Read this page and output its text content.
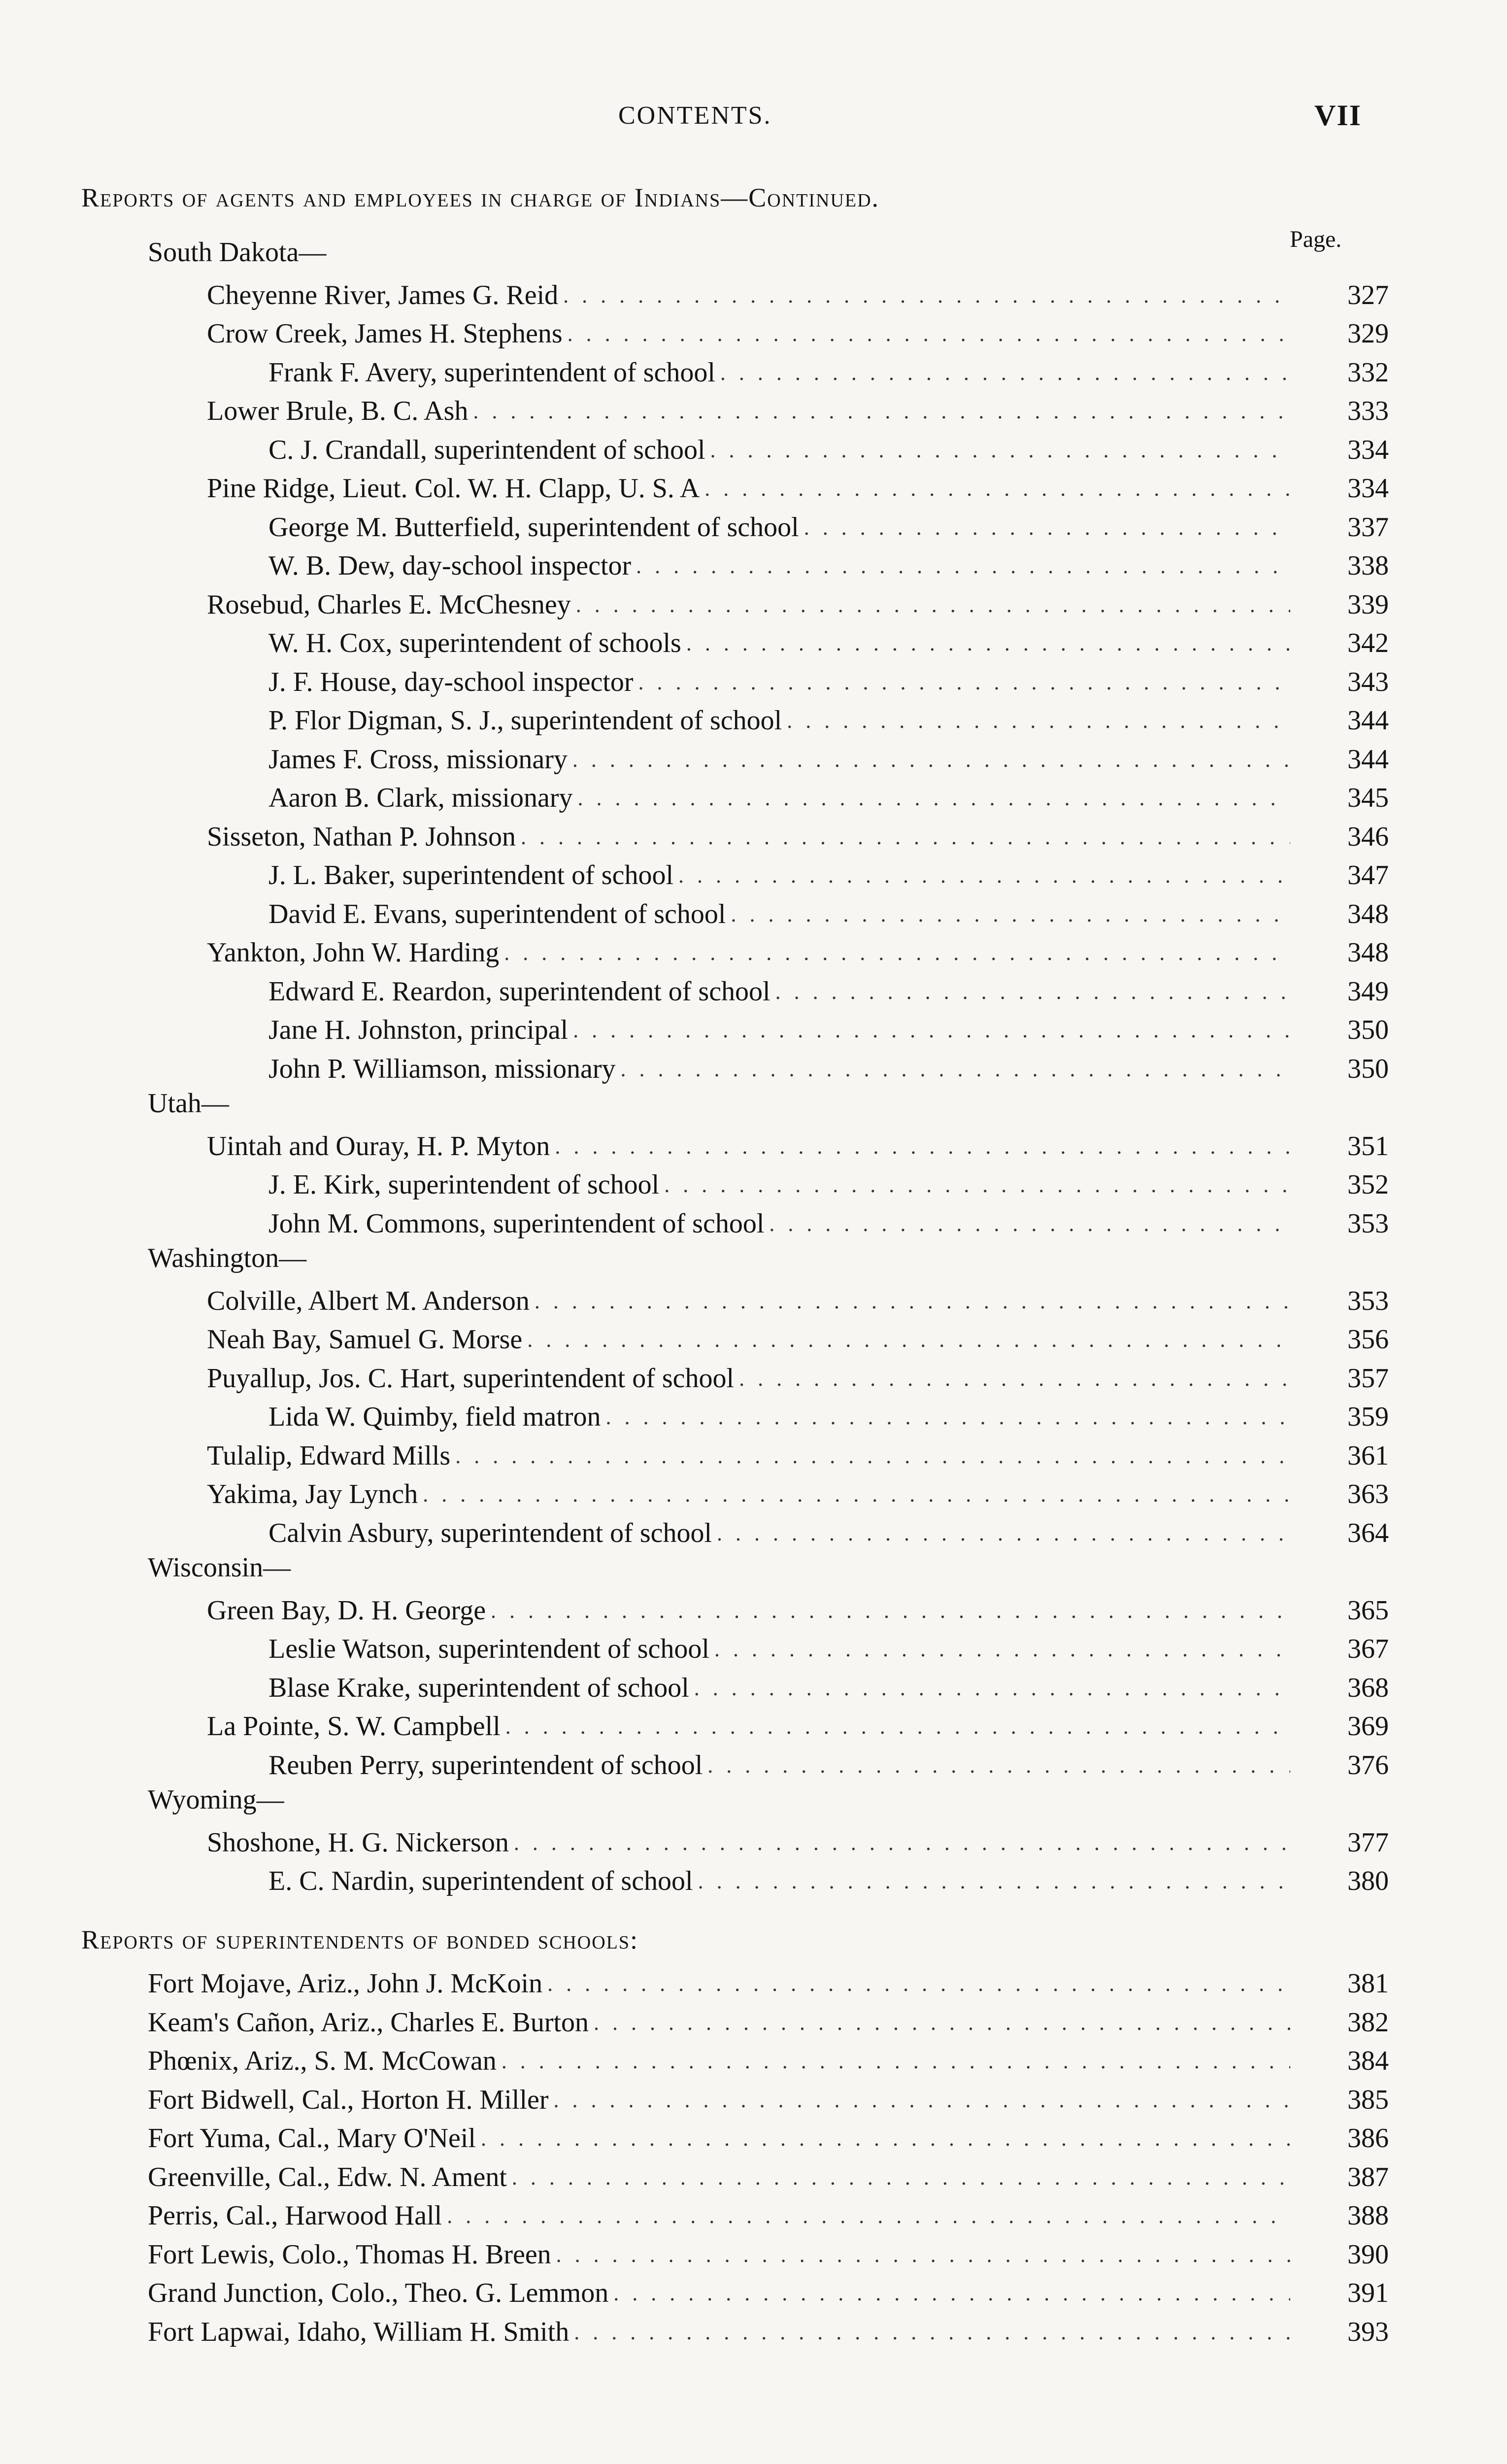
CONTENTS.	VII
Reports of agents and employees in charge of Indians—Continued.
Page.
Reports of superintendents of bonded schools:
South Dakota—
Cheyenne River, James G. Reid . . .	327
Crow Creek, James H. Stephens . . .	329
Frank F. Avery, superintendent of school . . .	332
Lower Brule, B. C. Ash . . .	333
C. J. Crandall, superintendent of school . . .	334
Pine Ridge, Lieut. Col. W. H. Clapp, U. S. A . . .	334
George M. Butterfield, superintendent of school . . .	337
W. B. Dew, day-school inspector . . .	338
Rosebud, Charles E. McChesney . . .	339
W. H. Cox, superintendent of schools . . .	342
J. F. House, day-school inspector . . .	343
P. Flor Digman, S. J., superintendent of school . . .	344
James F. Cross, missionary . . .	344
Aaron B. Clark, missionary . . .	345
Sisseton, Nathan P. Johnson . . .	346
J. L. Baker, superintendent of school . . .	347
David E. Evans, superintendent of school . . .	348
Yankton, John W. Harding . . .	348
Edward E. Reardon, superintendent of school . . .	349
Jane H. Johnston, principal . . .	350
John P. Williamson, missionary . . .	350
Utah—
Uintah and Ouray, H. P. Myton . . .	351
J. E. Kirk, superintendent of school . . .	352
John M. Commons, superintendent of school . . .	353
Washington—
Colville, Albert M. Anderson . . .	353
Neah Bay, Samuel G. Morse . . .	356
Puyallup, Jos. C. Hart, superintendent of school . . .	357
Lida W. Quimby, field matron . . .	359
Tulalip, Edward Mills . . .	361
Yakima, Jay Lynch . . .	363
Calvin Asbury, superintendent of school . . .	364
Wisconsin—
Green Bay, D. H. George . . .	365
Leslie Watson, superintendent of school . . .	367
Blase Krake, superintendent of school . . .	368
La Pointe, S. W. Campbell . . .	369
Reuben Perry, superintendent of school . . .	376
Wyoming—
Shoshone, H. G. Nickerson . . .	377
E. C. Nardin, superintendent of school . . .	380
Fort Mojave, Ariz., John J. McKoin . . .	381
Keam's Cañon, Ariz., Charles E. Burton . . .	382
Phœnix, Ariz., S. M. McCowan . . .	384
Fort Bidwell, Cal., Horton H. Miller . . .	385
Fort Yuma, Cal., Mary O'Neil . . .	386
Greenville, Cal., Edw. N. Ament . . .	387
Perris, Cal., Harwood Hall . . .	388
Fort Lewis, Colo., Thomas H. Breen . . .	390
Grand Junction, Colo., Theo. G. Lemmon . . .	391
Fort Lapwai, Idaho, William H. Smith . . .	393
